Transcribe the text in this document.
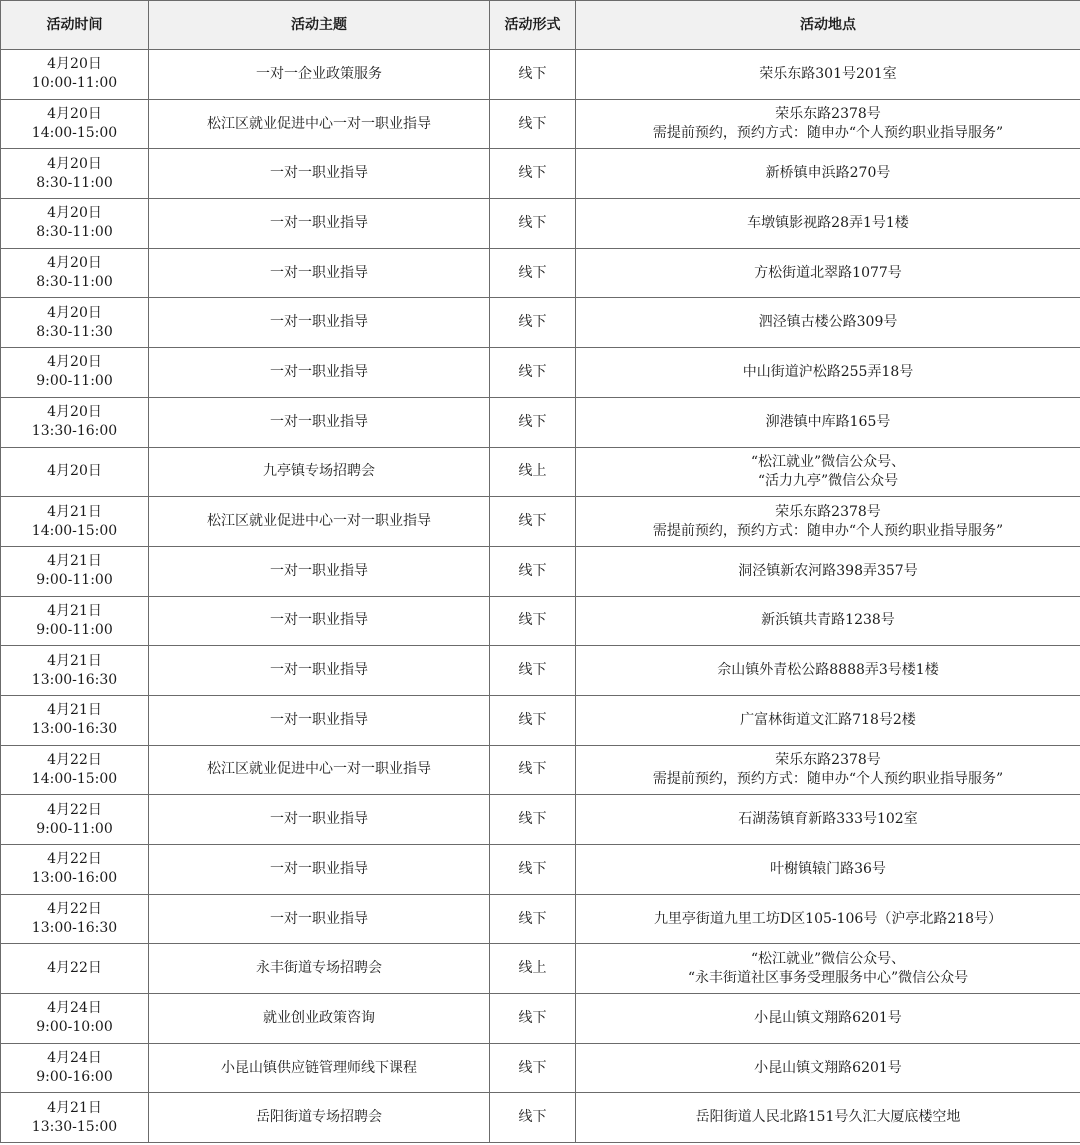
活动时间	活动主题	活动形式	活动地点

4月20日
10:00-11:00	一对一企业政策服务	线下	荣乐东路301号201室

4月20日
14:00-15:00	松江区就业促进中心一对一职业指导	线下	荣乐东路2378号
需提前预约，预约方式：随申办“个人预约职业指导服务”

4月20日
8:30-11:00	一对一职业指导	线下	新桥镇申浜路270号

4月20日
8:30-11:00	一对一职业指导	线下	车墩镇影视路28弄1号1楼

4月20日
8:30-11:00	一对一职业指导	线下	方松街道北翠路1077号

4月20日
8:30-11:30	一对一职业指导	线下	泗泾镇古楼公路309号

4月20日
9:00-11:00	一对一职业指导	线下	中山街道沪松路255弄18号

4月20日
13:30-16:00	一对一职业指导	线下	泖港镇中库路165号

4月20日	九亭镇专场招聘会	线上	“松江就业”微信公众号、
“活力九亭”微信公众号

4月21日
14:00-15:00	松江区就业促进中心一对一职业指导	线下	荣乐东路2378号
需提前预约，预约方式：随申办“个人预约职业指导服务”

4月21日
9:00-11:00	一对一职业指导	线下	洞泾镇新农河路398弄357号

4月21日
9:00-11:00	一对一职业指导	线下	新浜镇共青路1238号

4月21日
13:00-16:30	一对一职业指导	线下	佘山镇外青松公路8888弄3号楼1楼

4月21日
13:00-16:30	一对一职业指导	线下	广富林街道文汇路718号2楼

4月22日
14:00-15:00	松江区就业促进中心一对一职业指导	线下	荣乐东路2378号
需提前预约，预约方式：随申办“个人预约职业指导服务”

4月22日
9:00-11:00	一对一职业指导	线下	石湖荡镇育新路333号102室

4月22日
13:00-16:00	一对一职业指导	线下	叶榭镇辕门路36号

4月22日
13:00-16:30	一对一职业指导	线下	九里亭街道九里工坊D区105-106号（沪亭北路218号）

4月22日	永丰街道专场招聘会	线上	“松江就业”微信公众号、
“永丰街道社区事务受理服务中心”微信公众号

4月24日
9:00-10:00	就业创业政策咨询	线下	小昆山镇文翔路6201号

4月24日
9:00-16:00	小昆山镇供应链管理师线下课程	线下	小昆山镇文翔路6201号

4月21日
13:30-15:00	岳阳街道专场招聘会	线下	岳阳街道人民北路151号久汇大厦底楼空地
